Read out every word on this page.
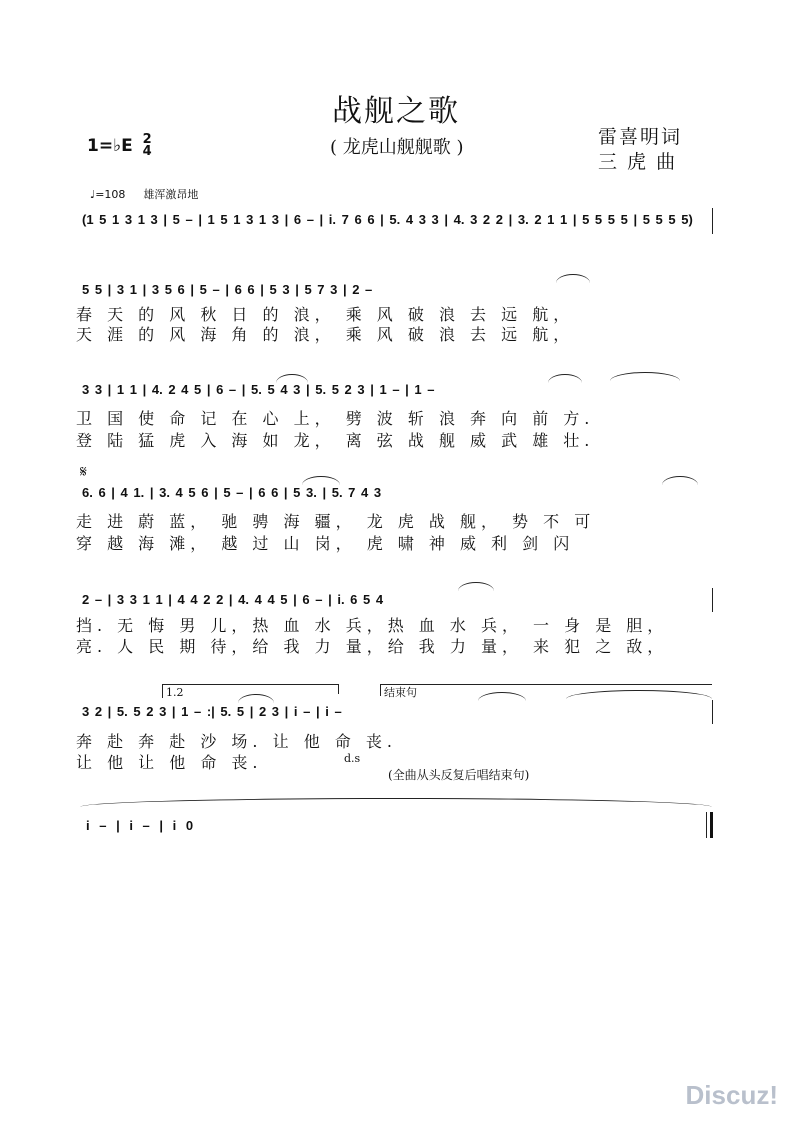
战舰之歌
( 龙虎山舰舰歌 )
1=♭E 2
4
雷喜明词
三 虎 曲
♩=108 雄浑激昂地
(1 5 1 3 1 3 | 5 – | 1 5 1 3 1 3 | 6 – | i. 7 6 6 | 5. 4 3 3 | 4. 3 2 2 | 3. 2 1 1 | 5 5 5 5 | 5 5 5 5)
5 5 | 3 1 | 3 5 6 | 5 – | 6 6 | 5 3 | 5 7 3 | 2 –
春 天 的 风 秋 日 的 浪， 乘 风 破 浪 去 远 航，
天 涯 的 风 海 角 的 浪， 乘 风 破 浪 去 远 航，
3 3 | 1 1 | 4. 2 4 5 | 6 – | 5. 5 4 3 | 5. 5 2 3 | 1 – | 1 –
卫 国 使 命 记 在 心 上， 劈 波 斩 浪 奔 向 前 方.
登 陆 猛 虎 入 海 如 龙， 离 弦 战 舰 威 武 雄 壮.
𝄋
6. 6 | 4 1. | 3. 4 5 6 | 5 – | 6 6 | 5 3. | 5. 7 4 3
走 进 蔚 蓝， 驰 骋 海 疆， 龙 虎 战 舰， 势 不 可
穿 越 海 滩， 越 过 山 岗， 虎 啸 神 威 利 剑 闪
2 – | 3 3 1 1 | 4 4 2 2 | 4. 4 4 5 | 6 – | i. 6 5 4
挡. 无 悔 男 儿，热 血 水 兵，热 血 水 兵， 一 身 是 胆，
亮. 人 民 期 待，给 我 力 量，给 我 力 量， 来 犯 之 敌，
1.2	结束句
3 2 | 5. 5 2 3 | 1 – :| 5. 5 | 2 3 | i – | i –
奔 赴 奔 赴 沙 场. 让 他 命 丧.
让 他 让 他 命 丧.	d.s
(全曲从头反复后唱结束句)
i – | i – | i 0
Discuz!
